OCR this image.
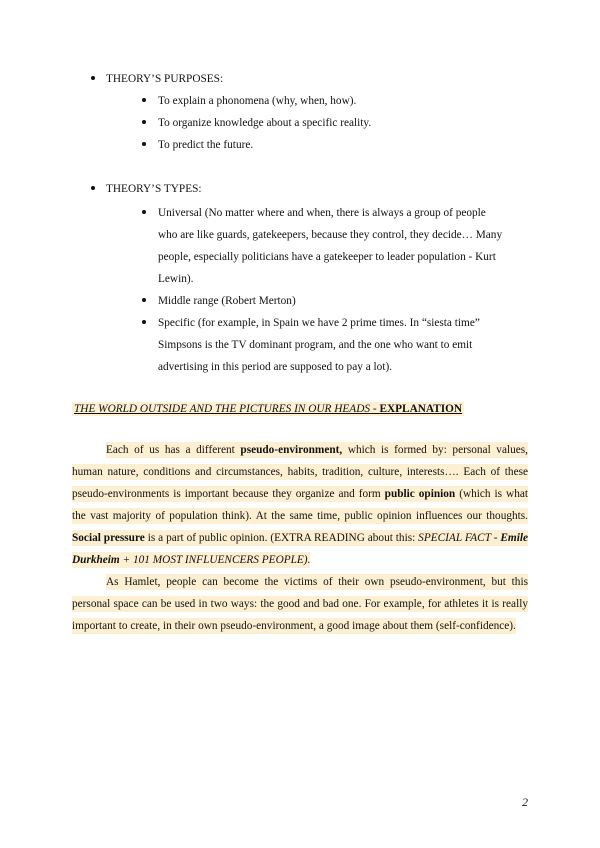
THEORY’S PURPOSES:
To explain a phonomena (why, when, how).
To organize knowledge about a specific reality.
To predict the future.
THEORY’S TYPES:
Universal (No matter where and when, there is always a group of people
who are like guards, gatekeepers, because they control, they decide… Many
people, especially politicians have a gatekeeper to leader population - Kurt
Lewin).
Middle range (Robert Merton)
Specific (for example, in Spain we have 2 prime times. In “siesta time”
Simpsons is the TV dominant program, and the one who want to emit
advertising in this period are supposed to pay a lot).
THE WORLD OUTSIDE AND THE PICTURES IN OUR HEADS - EXPLANATION

Each of us has a different pseudo-environment, which is formed by: personal values, human nature, conditions and circumstances, habits, tradition, culture, interests…. Each of these pseudo-environments is important because they organize and form public opinion (which is what the vast majority of population think). At the same time, public opinion influences our thoughts. Social pressure is a part of public opinion. (EXTRA READING about this: SPECIAL FACT - Emile Durkheim + 101 MOST INFLUENCERS PEOPLE).

As Hamlet, people can become the victims of their own pseudo-environment, but this personal space can be used in two ways: the good and bad one. For example, for athletes it is really important to create, in their own pseudo-environment, a good image about them (self-confidence).

2
